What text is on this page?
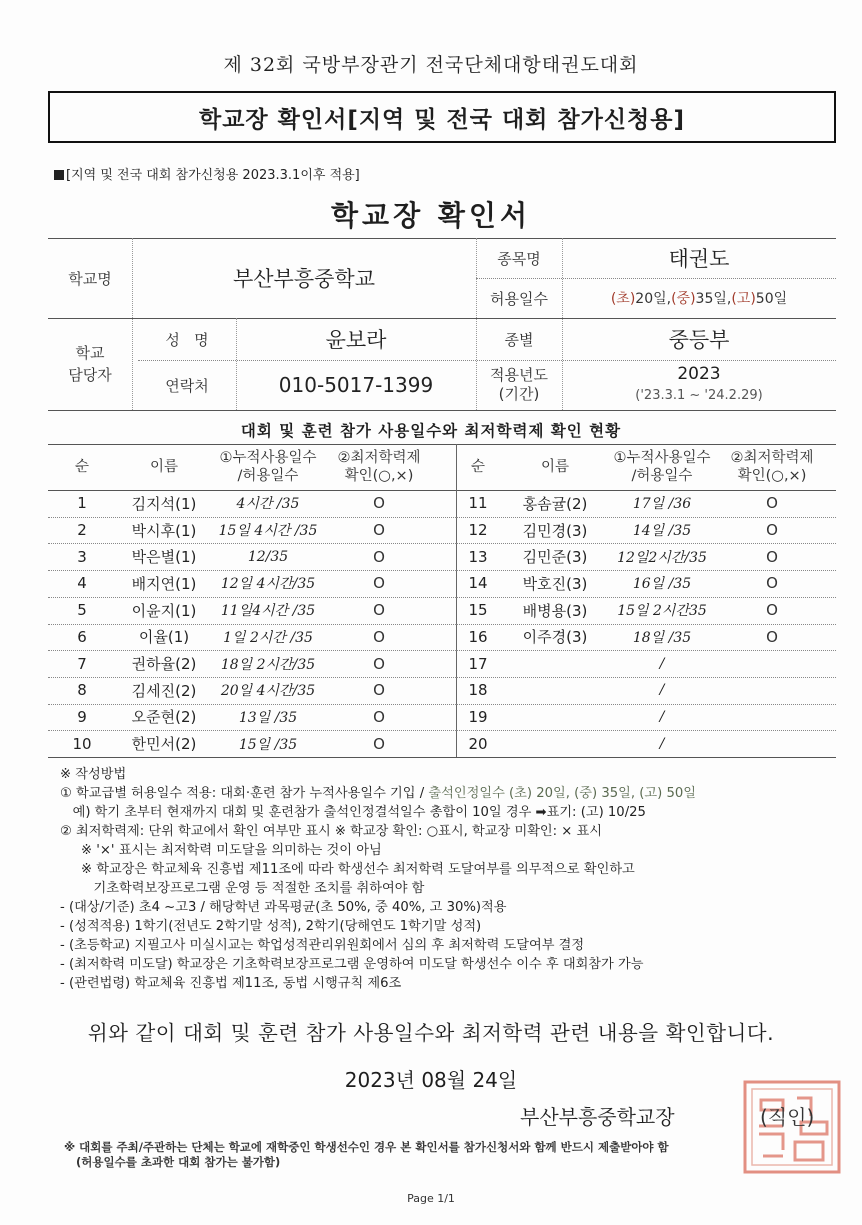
제 32회 국방부장관기 전국단체대항태권도대회
학교장 확인서[지역 및 전국 대회 참가신청용]
[지역 및 전국 대회 참가신청용 2023.3.1이후 적용]
학교장 확인서
학교명	부산부흥중학교
종목명	태권도
허용일수	(초) 20일, (중) 35일, (고) 50일
학교
담당자
성   명	윤보라
연락처	010-5017-1399
종별	중등부
적용년도
(기간)
2023
('23.3.1 ~ '24.2.29)
대회 및 훈련 참가 사용일수와 최저학력제 확인 현황
순	이름
①누적사용일수
/허용일수
②최저학력제
확인(○,×)
순	이름
①누적사용일수
/허용일수
②최저학력제
확인(○,×)
1	김지석(1)	4시간 /35	O
2	박시후(1)	15일 4시간 /35	O
3	박은별(1)	12/35	O
4	배지연(1)	12일 4시간/35	O
5	이윤지(1)	11일4시간 /35	O
6	이율(1)	1일 2시간 /35	O
7	권하율(2)	18일 2시간/35	O
8	김세진(2)	20일 4시간/35	O
9	오준현(2)	13일 /35	O
10	한민서(2)	15일 /35	O
11	홍솜귤(2)	17일 /36	O
12	김민경(3)	14일 /35	O
13	김민준(3)	12일2시간/35	O
14	박호진(3)	16일 /35	O
15	배병용(3)	15일 2시간35	O
16	이주경(3)	18일 /35	O
17	/
18	/
19	/
20	/
※ 작성방법
① 학교급별 허용일수 적용: 대회·훈련 참가 누적사용일수 기입 / 출석인정일수 (초) 20일, (중) 35일, (고) 50일
예) 학기 초부터 현재까지 대회 및 훈련참가 출석인정결석일수 총합이 10일 경우 ➡표기: (고) 10/25
② 최저학력제: 단위 학교에서 확인 여부만 표시 ※ 학교장 확인: ○표시, 학교장 미확인: × 표시
※ '×' 표시는 최저학력 미도달을 의미하는 것이 아님
※ 학교장은 학교체육 진흥법 제11조에 따라 학생선수 최저학력 도달여부를 의무적으로 확인하고
기초학력보장프로그램 운영 등 적절한 조치를 취하여야 함
- (대상/기준) 초4 ~고3 / 해당학년 과목평균(초 50%, 중 40%, 고 30%)적용
- (성적적용) 1학기(전년도 2학기말 성적), 2학기(당해연도 1학기말 성적)
- (초등학교) 지필고사 미실시교는 학업성적관리위원회에서 심의 후 최저학력 도달여부 결정
- (최저학력 미도달) 학교장은 기초학력보장프로그램 운영하여 미도달 학생선수 이수 후 대회참가 가능
- (관련법령) 학교체육 진흥법 제11조, 동법 시행규칙 제6조
위와 같이 대회 및 훈련 참가 사용일수와 최저학력 관련 내용을 확인합니다.
2023년 08월 24일
부산부흥중학교장	(직인)
※ 대회를 주최/주관하는 단체는 학교에 재학중인 학생선수인 경우 본 확인서를 참가신청서와 함께 반드시 제출받아야 함
(허용일수를 초과한 대회 참가는 불가함)
Page 1/1
